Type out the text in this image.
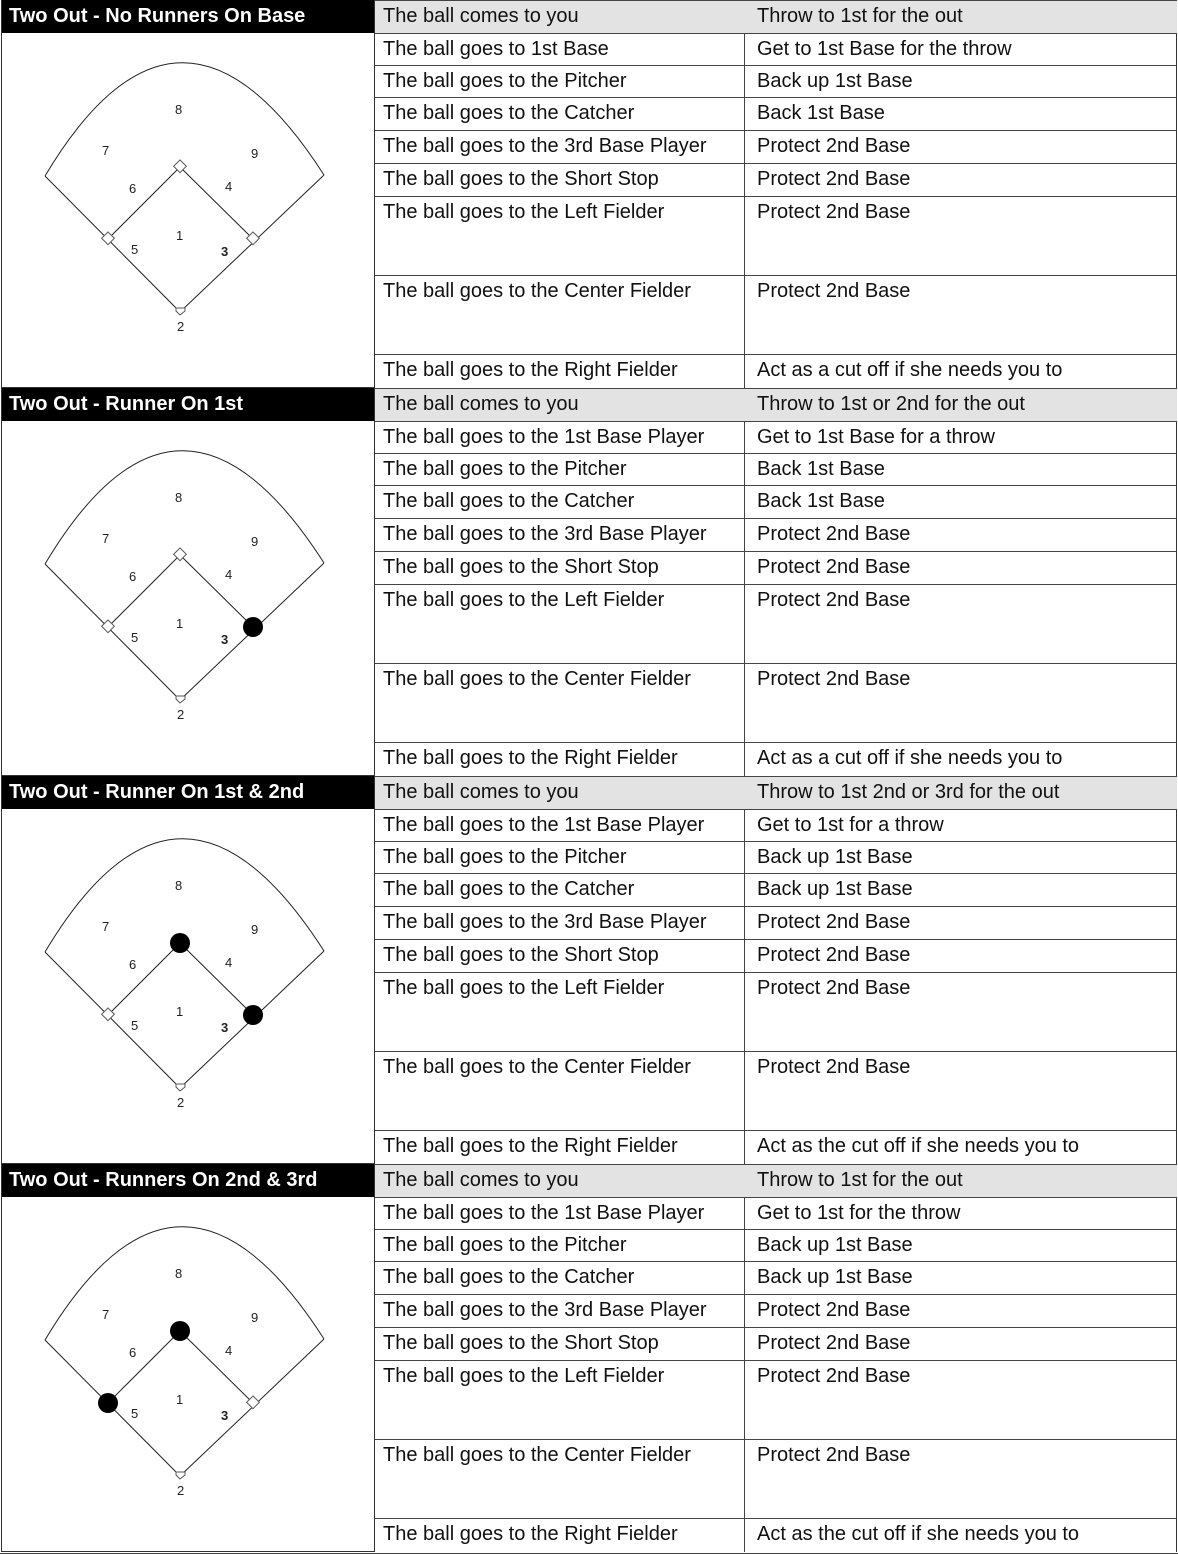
Two Out - No Runners On Base
8
7	9
6	4
1
5	3
2
The ball comes to you	Throw to 1st for the out
The ball goes to 1st Base	Get to 1st Base for the throw
The ball goes to the Pitcher	Back up 1st Base
The ball goes to the Catcher	Back 1st Base
The ball goes to the 3rd Base Player	Protect 2nd Base
The ball goes to the Short Stop	Protect 2nd Base
The ball goes to the Left Fielder	Protect 2nd Base
The ball goes to the Center Fielder	Protect 2nd Base
The ball goes to the Right Fielder	Act as a cut off if she needs you to
Two Out - Runner On 1st
8
7	9
6	4
1
5	3
2
The ball comes to you	Throw to 1st or 2nd for the out
The ball goes to the 1st Base Player	Get to 1st Base for a throw
The ball goes to the Pitcher	Back 1st Base
The ball goes to the Catcher	Back 1st Base
The ball goes to the 3rd Base Player	Protect 2nd Base
The ball goes to the Short Stop	Protect 2nd Base
The ball goes to the Left Fielder	Protect 2nd Base
The ball goes to the Center Fielder	Protect 2nd Base
The ball goes to the Right Fielder	Act as a cut off if she needs you to
Two Out - Runner On 1st & 2nd
8
7	9
6	4
1
5	3
2
The ball comes to you	Throw to 1st 2nd or 3rd for the out
The ball goes to the 1st Base Player	Get to 1st for a throw
The ball goes to the Pitcher	Back up 1st Base
The ball goes to the Catcher	Back up 1st Base
The ball goes to the 3rd Base Player	Protect 2nd Base
The ball goes to the Short Stop	Protect 2nd Base
The ball goes to the Left Fielder	Protect 2nd Base
The ball goes to the Center Fielder	Protect 2nd Base
The ball goes to the Right Fielder	Act as the cut off if she needs you to
Two Out - Runners On 2nd & 3rd
8
7	9
6	4
1
5	3
2
The ball comes to you	Throw to 1st for the out
The ball goes to the 1st Base Player	Get to 1st for the throw
The ball goes to the Pitcher	Back up 1st Base
The ball goes to the Catcher	Back up 1st Base
The ball goes to the 3rd Base Player	Protect 2nd Base
The ball goes to the Short Stop	Protect 2nd Base
The ball goes to the Left Fielder	Protect 2nd Base
The ball goes to the Center Fielder	Protect 2nd Base
The ball goes to the Right Fielder	Act as the cut off if she needs you to
